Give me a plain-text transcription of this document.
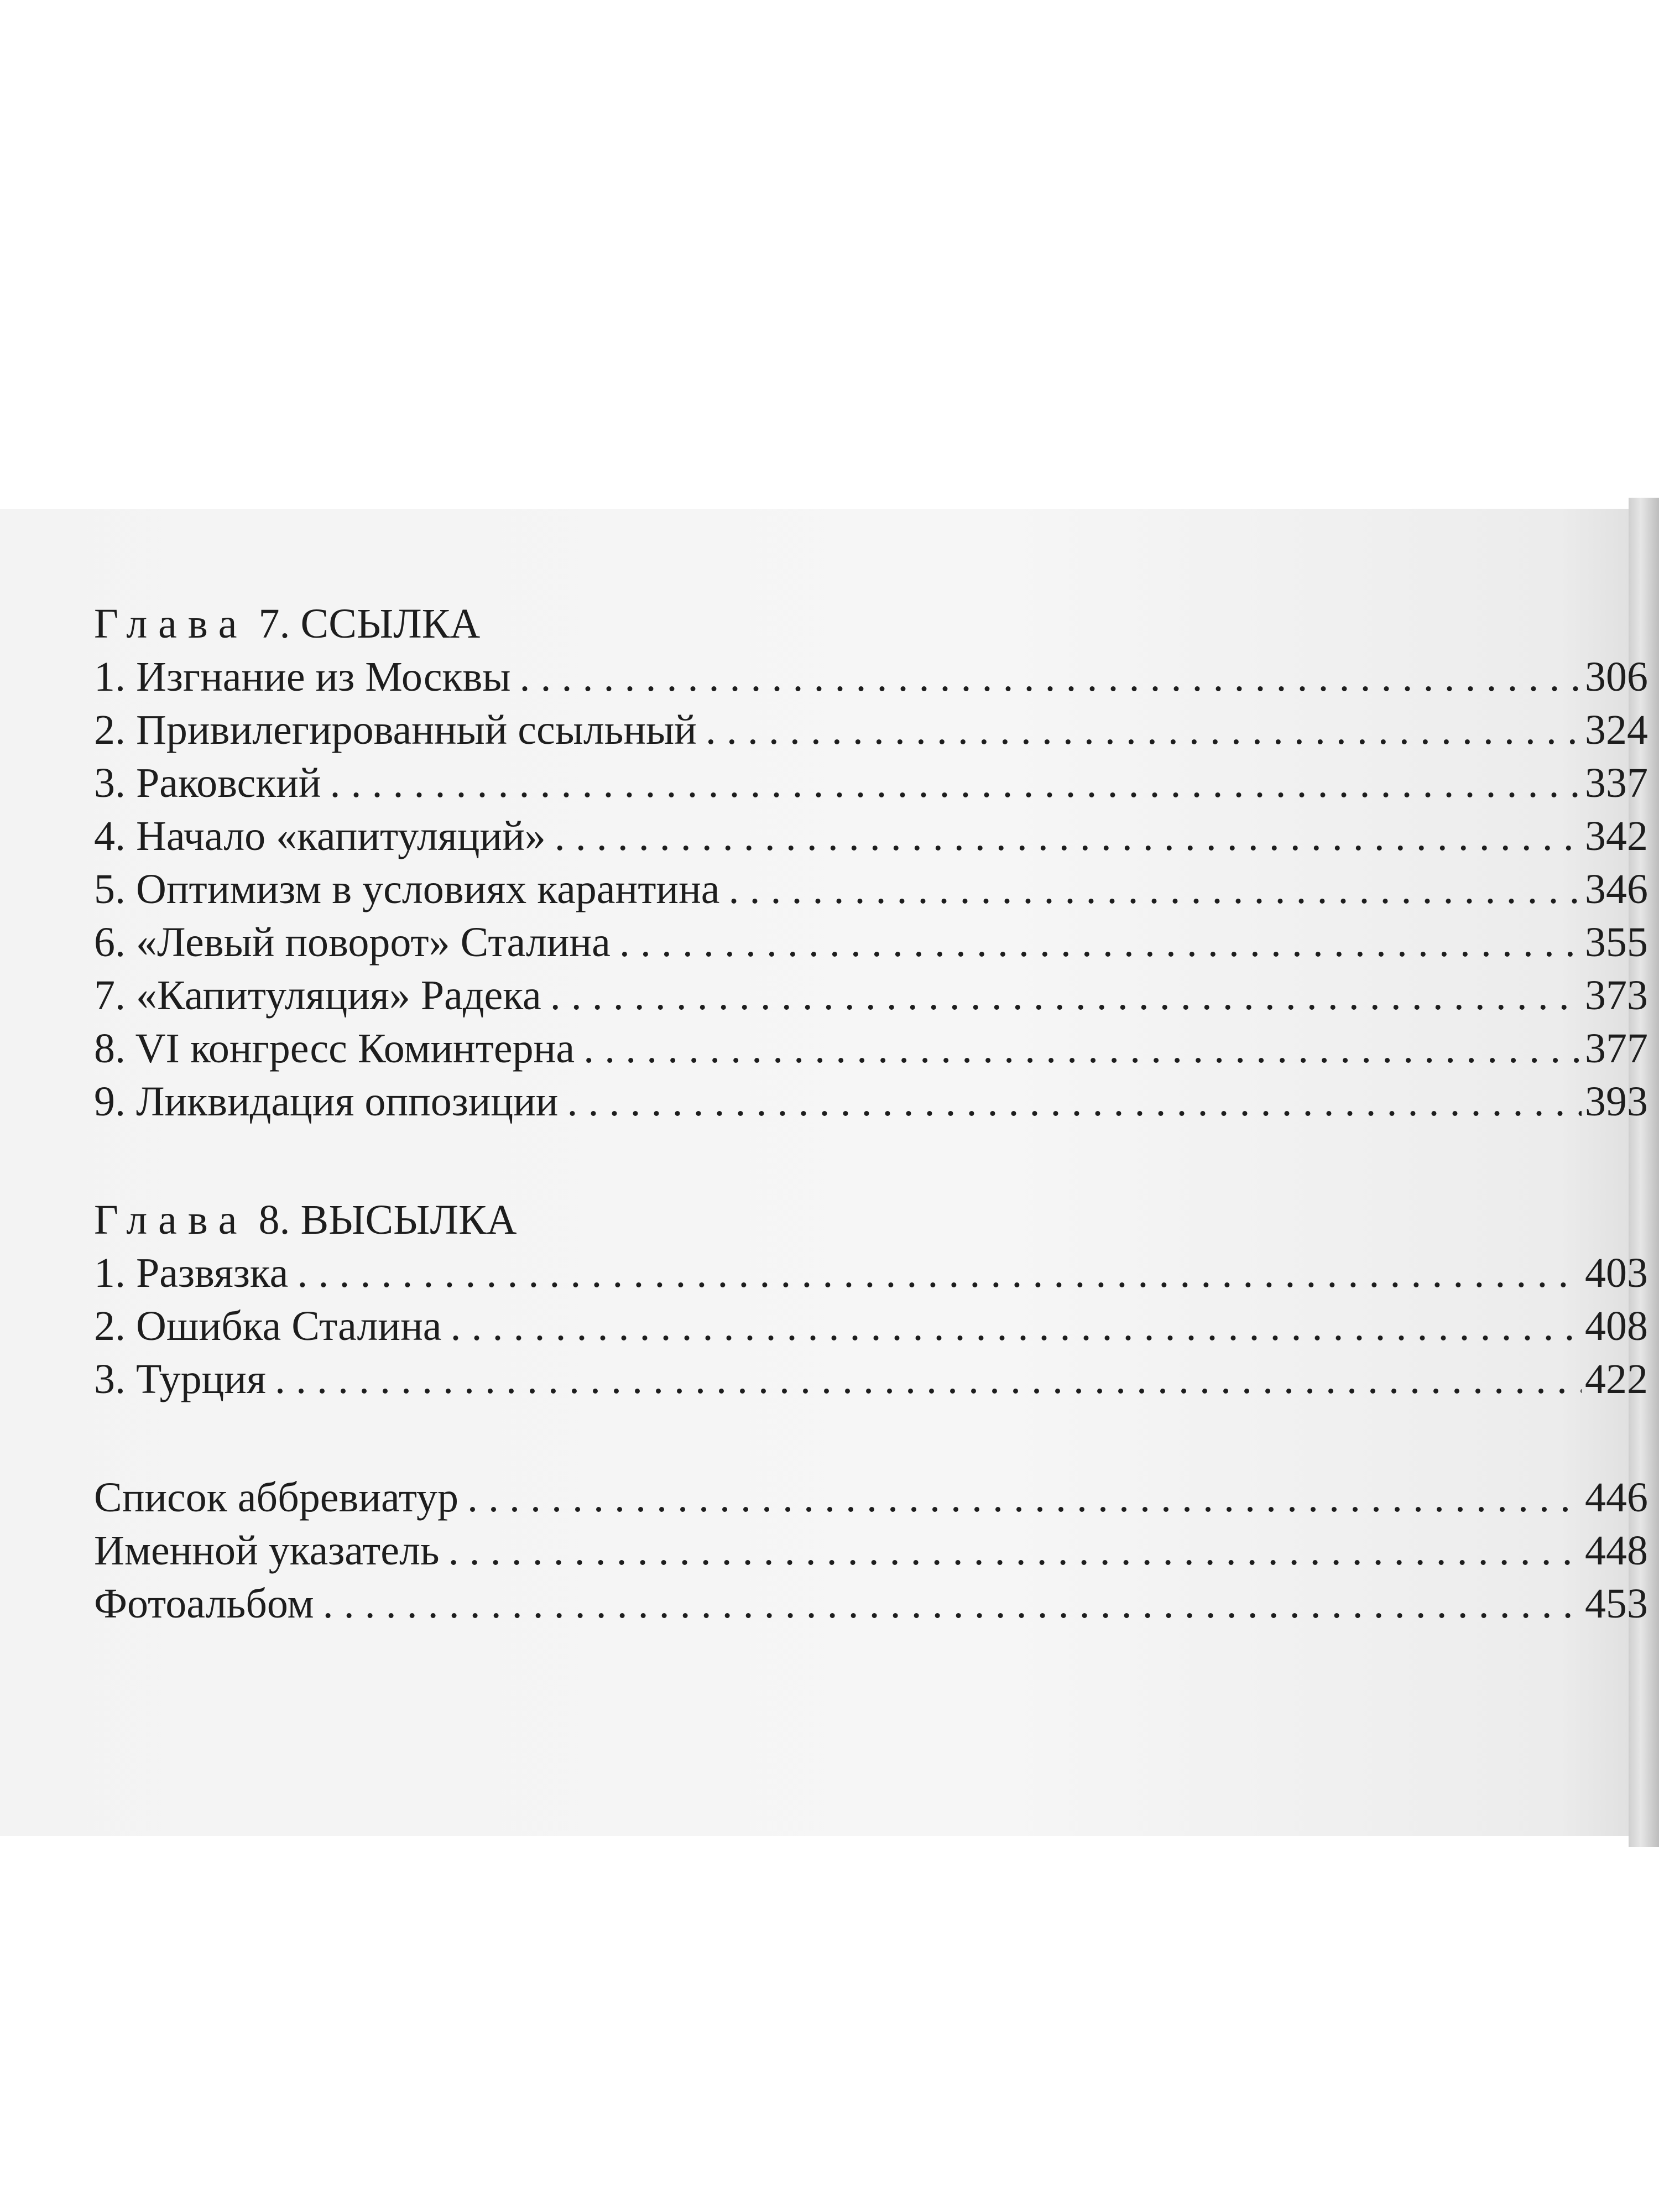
Глава 7. ССЫЛКА
1. Изгнание из Москвы . . .	306
2. Привилегированный ссыльный . . .	324
3. Раковский . . .	337
4. Начало «капитуляций» . . .	342
5. Оптимизм в условиях карантина . . .	346
6. «Левый поворот» Сталина . . .	355
7. «Капитуляция» Радека . . .	373
8. VI конгресс Коминтерна . . .	377
9. Ликвидация оппозиции . . .	393
Глава 8. ВЫСЫЛКА
1. Развязка . . .	403
2. Ошибка Сталина . . .	408
3. Турция . . .	422
Список аббревиатур . . .	446
Именной указатель . . .	448
Фотоальбом . . .	453
